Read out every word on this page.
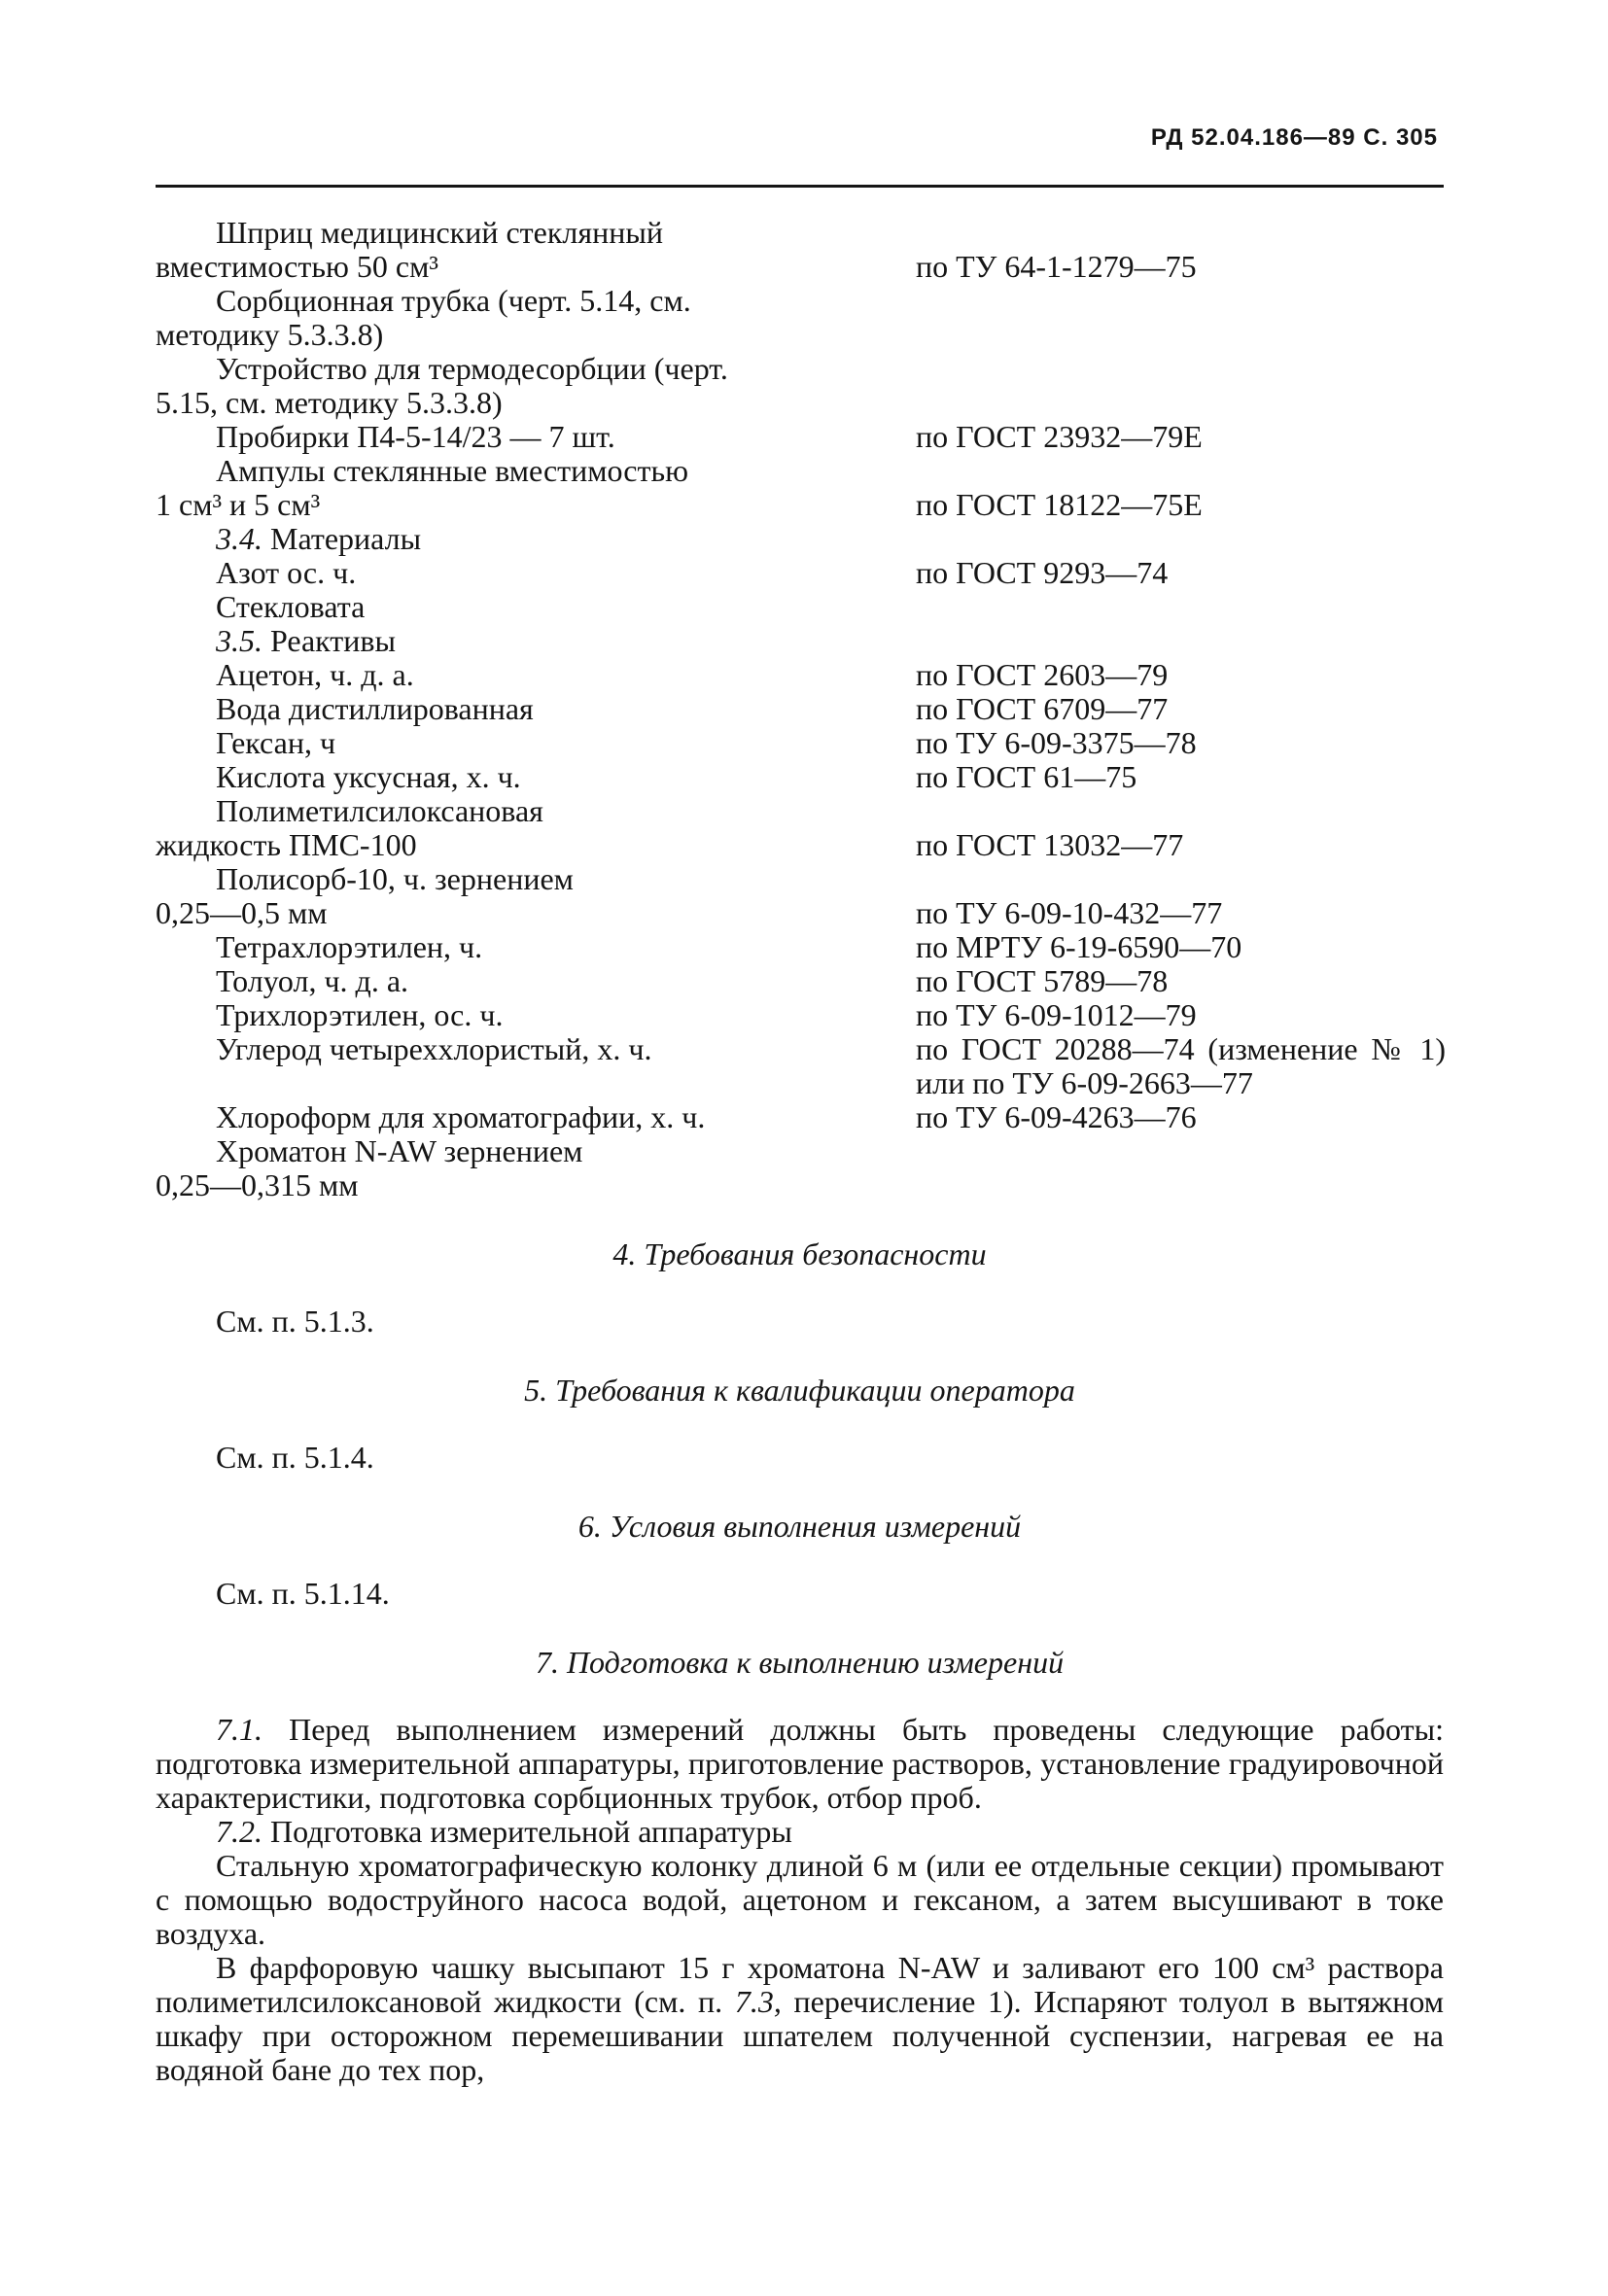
РД 52.04.186—89 С. 305
Шприц медицинский стеклянный
вместимостью 50 см³	по ТУ 64-1-1279—75
Сорбционная трубка (черт. 5.14, см.
методику 5.3.3.8)
Устройство для термодесорбции (черт.
5.15, см. методику 5.3.3.8)
Пробирки П4-5-14/23 — 7 шт.	по ГОСТ 23932—79Е
Ампулы стеклянные вместимостью
1 см³ и 5 см³	по ГОСТ 18122—75Е
3.4. Материалы
Азот ос. ч.	по ГОСТ 9293—74
Стекловата
3.5. Реактивы
Ацетон, ч. д. а.	по ГОСТ 2603—79
Вода дистиллированная	по ГОСТ 6709—77
Гексан, ч	по ТУ 6-09-3375—78
Кислота уксусная, х. ч.	по ГОСТ 61—75
Полиметилсилоксановая
жидкость ПМС-100	по ГОСТ 13032—77
Полисорб-10, ч. зернением
0,25—0,5 мм	по ТУ 6-09-10-432—77
Тетрахлорэтилен, ч.	по МРТУ 6-19-6590—70
Толуол, ч. д. а.	по ГОСТ 5789—78
Трихлорэтилен, ос. ч.	по ТУ 6-09-1012—79
Углерод четыреххлористый, х. ч.	по ГОСТ 20288—74 (изменение № 1) или по ТУ 6-09-2663—77
Хлороформ для хроматографии, х. ч.	по ТУ 6-09-4263—76
Хроматон N-AW зернением
0,25—0,315 мм
4. Требования безопасности
См. п. 5.1.3.
5. Требования к квалификации оператора
См. п. 5.1.4.
6. Условия выполнения измерений
См. п. 5.1.14.
7. Подготовка к выполнению измерений

7.1. Перед выполнением измерений должны быть проведены следующие работы: подготовка измерительной аппаратуры, приготовление растворов, установление градуировочной характеристики, подготовка сорбционных трубок, отбор проб.

7.2. Подготовка измерительной аппаратуры

Стальную хроматографическую колонку длиной 6 м (или ее отдельные секции) промывают с помощью водоструйного насоса водой, ацетоном и гексаном, а затем высушивают в токе воздуха.

В фарфоровую чашку высыпают 15 г хроматона N-AW и заливают его 100 см³ раствора полиметилсилоксановой жидкости (см. п. 7.3, перечисление 1). Испаряют толуол в вытяжном шкафу при осторожном перемешивании шпателем полученной суспензии, нагревая ее на водяной бане до тех пор,
